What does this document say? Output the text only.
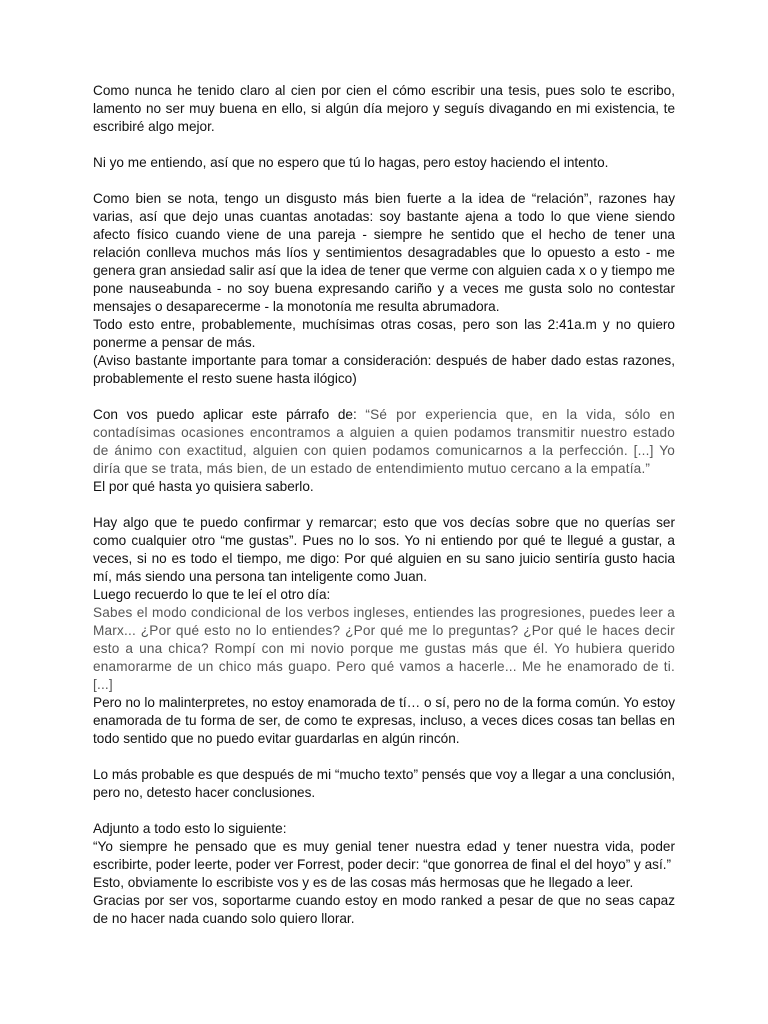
Como nunca he tenido claro al cien por cien el cómo escribir una tesis, pues solo te escribo, lamento no ser muy buena en ello, si algún día mejoro y seguís divagando en mi existencia, te escribiré algo mejor.

Ni yo me entiendo, así que no espero que tú lo hagas, pero estoy haciendo el intento.

Como bien se nota, tengo un disgusto más bien fuerte a la idea de “relación”, razones hay varias, así que dejo unas cuantas anotadas: soy bastante ajena a todo lo que viene siendo afecto físico cuando viene de una pareja - siempre he sentido que el hecho de tener una relación conlleva muchos más líos y sentimientos desagradables que lo opuesto a esto - me genera gran ansiedad salir así que la idea de tener que verme con alguien cada x o y tiempo me pone nauseabunda - no soy buena expresando cariño y a veces me gusta solo no contestar mensajes o desaparecerme - la monotonía me resulta abrumadora.

Todo esto entre, probablemente, muchísimas otras cosas, pero son las 2:41a.m y no quiero ponerme a pensar de más.

(Aviso bastante importante para tomar a consideración: después de haber dado estas razones, probablemente el resto suene hasta ilógico)

Con vos puedo aplicar este párrafo de: “Sé por experiencia que, en la vida, sólo en contadísimas ocasiones encontramos a alguien a quien podamos transmitir nuestro estado de ánimo con exactitud, alguien con quien podamos comunicarnos a la perfección. [...] Yo diría que se trata, más bien, de un estado de entendimiento mutuo cercano a la empatía.”

El por qué hasta yo quisiera saberlo.

Hay algo que te puedo confirmar y remarcar; esto que vos decías sobre que no querías ser como cualquier otro “me gustas”. Pues no lo sos. Yo ni entiendo por qué te llegué a gustar, a veces, si no es todo el tiempo, me digo: Por qué alguien en su sano juicio sentiría gusto hacia mí, más siendo una persona tan inteligente como Juan.

Luego recuerdo lo que te leí el otro día:

Sabes el modo condicional de los verbos ingleses, entiendes las progresiones, puedes leer a Marx... ¿Por qué esto no lo entiendes? ¿Por qué me lo preguntas? ¿Por qué le haces decir esto a una chica? Rompí con mi novio porque me gustas más que él. Yo hubiera querido enamorarme de un chico más guapo. Pero qué vamos a hacerle... Me he enamorado de ti. [...]

Pero no lo malinterpretes, no estoy enamorada de tí… o sí, pero no de la forma común. Yo estoy enamorada de tu forma de ser, de como te expresas, incluso, a veces dices cosas tan bellas en todo sentido que no puedo evitar guardarlas en algún rincón.

Lo más probable es que después de mi “mucho texto” pensés que voy a llegar a una conclusión, pero no, detesto hacer conclusiones.

Adjunto a todo esto lo siguiente:

“Yo siempre he pensado que es muy genial tener nuestra edad y tener nuestra vida, poder escribirte, poder leerte, poder ver Forrest, poder decir: “que gonorrea de final el del hoyo” y así.”

Esto, obviamente lo escribiste vos y es de las cosas más hermosas que he llegado a leer.

Gracias por ser vos, soportarme cuando estoy en modo ranked a pesar de que no seas capaz de no hacer nada cuando solo quiero llorar.
